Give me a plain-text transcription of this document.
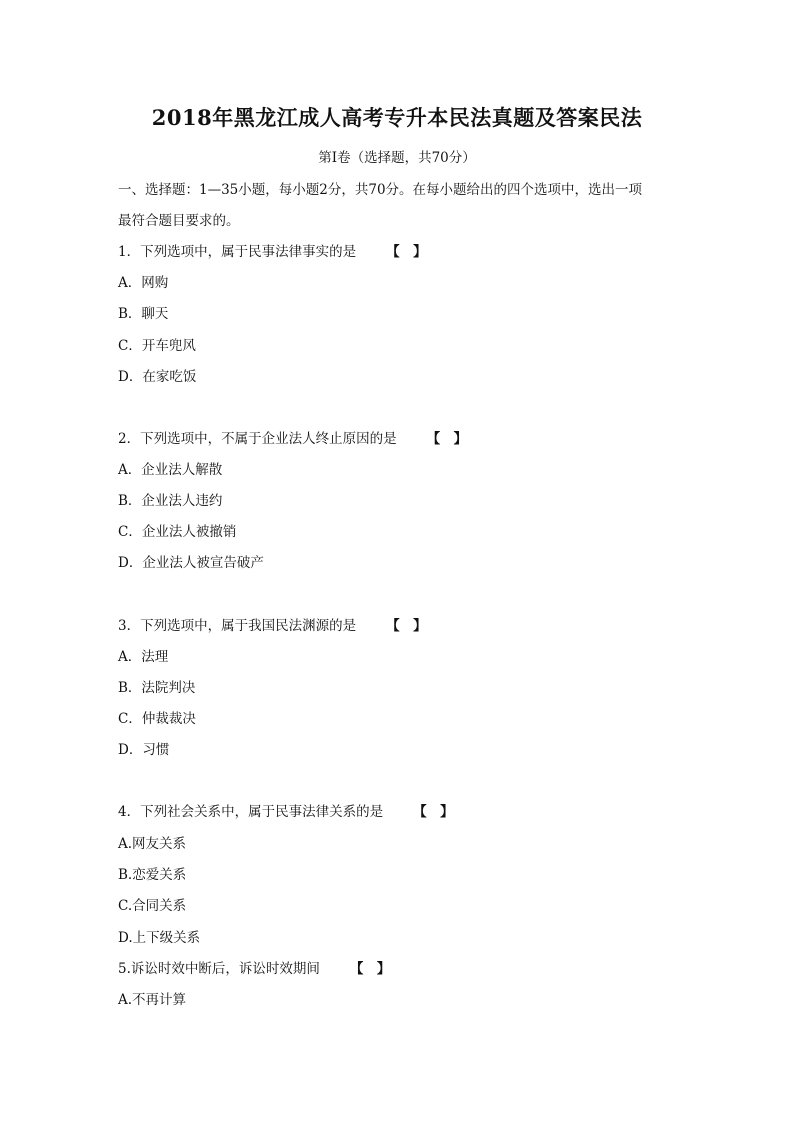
2018年黑龙江成人高考专升本民法真题及答案民法
第Ⅰ卷（选择题，共70分）
一、选择题：1—35小题，每小题2分，共70分。在每小题给出的四个选项中，选出一项
最符合题目要求的。
1．下列选项中，属于民事法律事实的是 【　】
A．网购
B．聊天
C．开车兜风
D．在家吃饭
2．下列选项中，不属于企业法人终止原因的是 【　】
A．企业法人解散
B．企业法人违约
C．企业法人被撤销
D．企业法人被宣告破产
3．下列选项中，属于我国民法渊源的是 【　】
A．法理
B．法院判决
C．仲裁裁决
D．习惯
4．下列社会关系中，属于民事法律关系的是 【　】
A.网友关系
B.恋爱关系
C.合同关系
D.上下级关系
5.诉讼时效中断后，诉讼时效期间 【　】
A.不再计算
